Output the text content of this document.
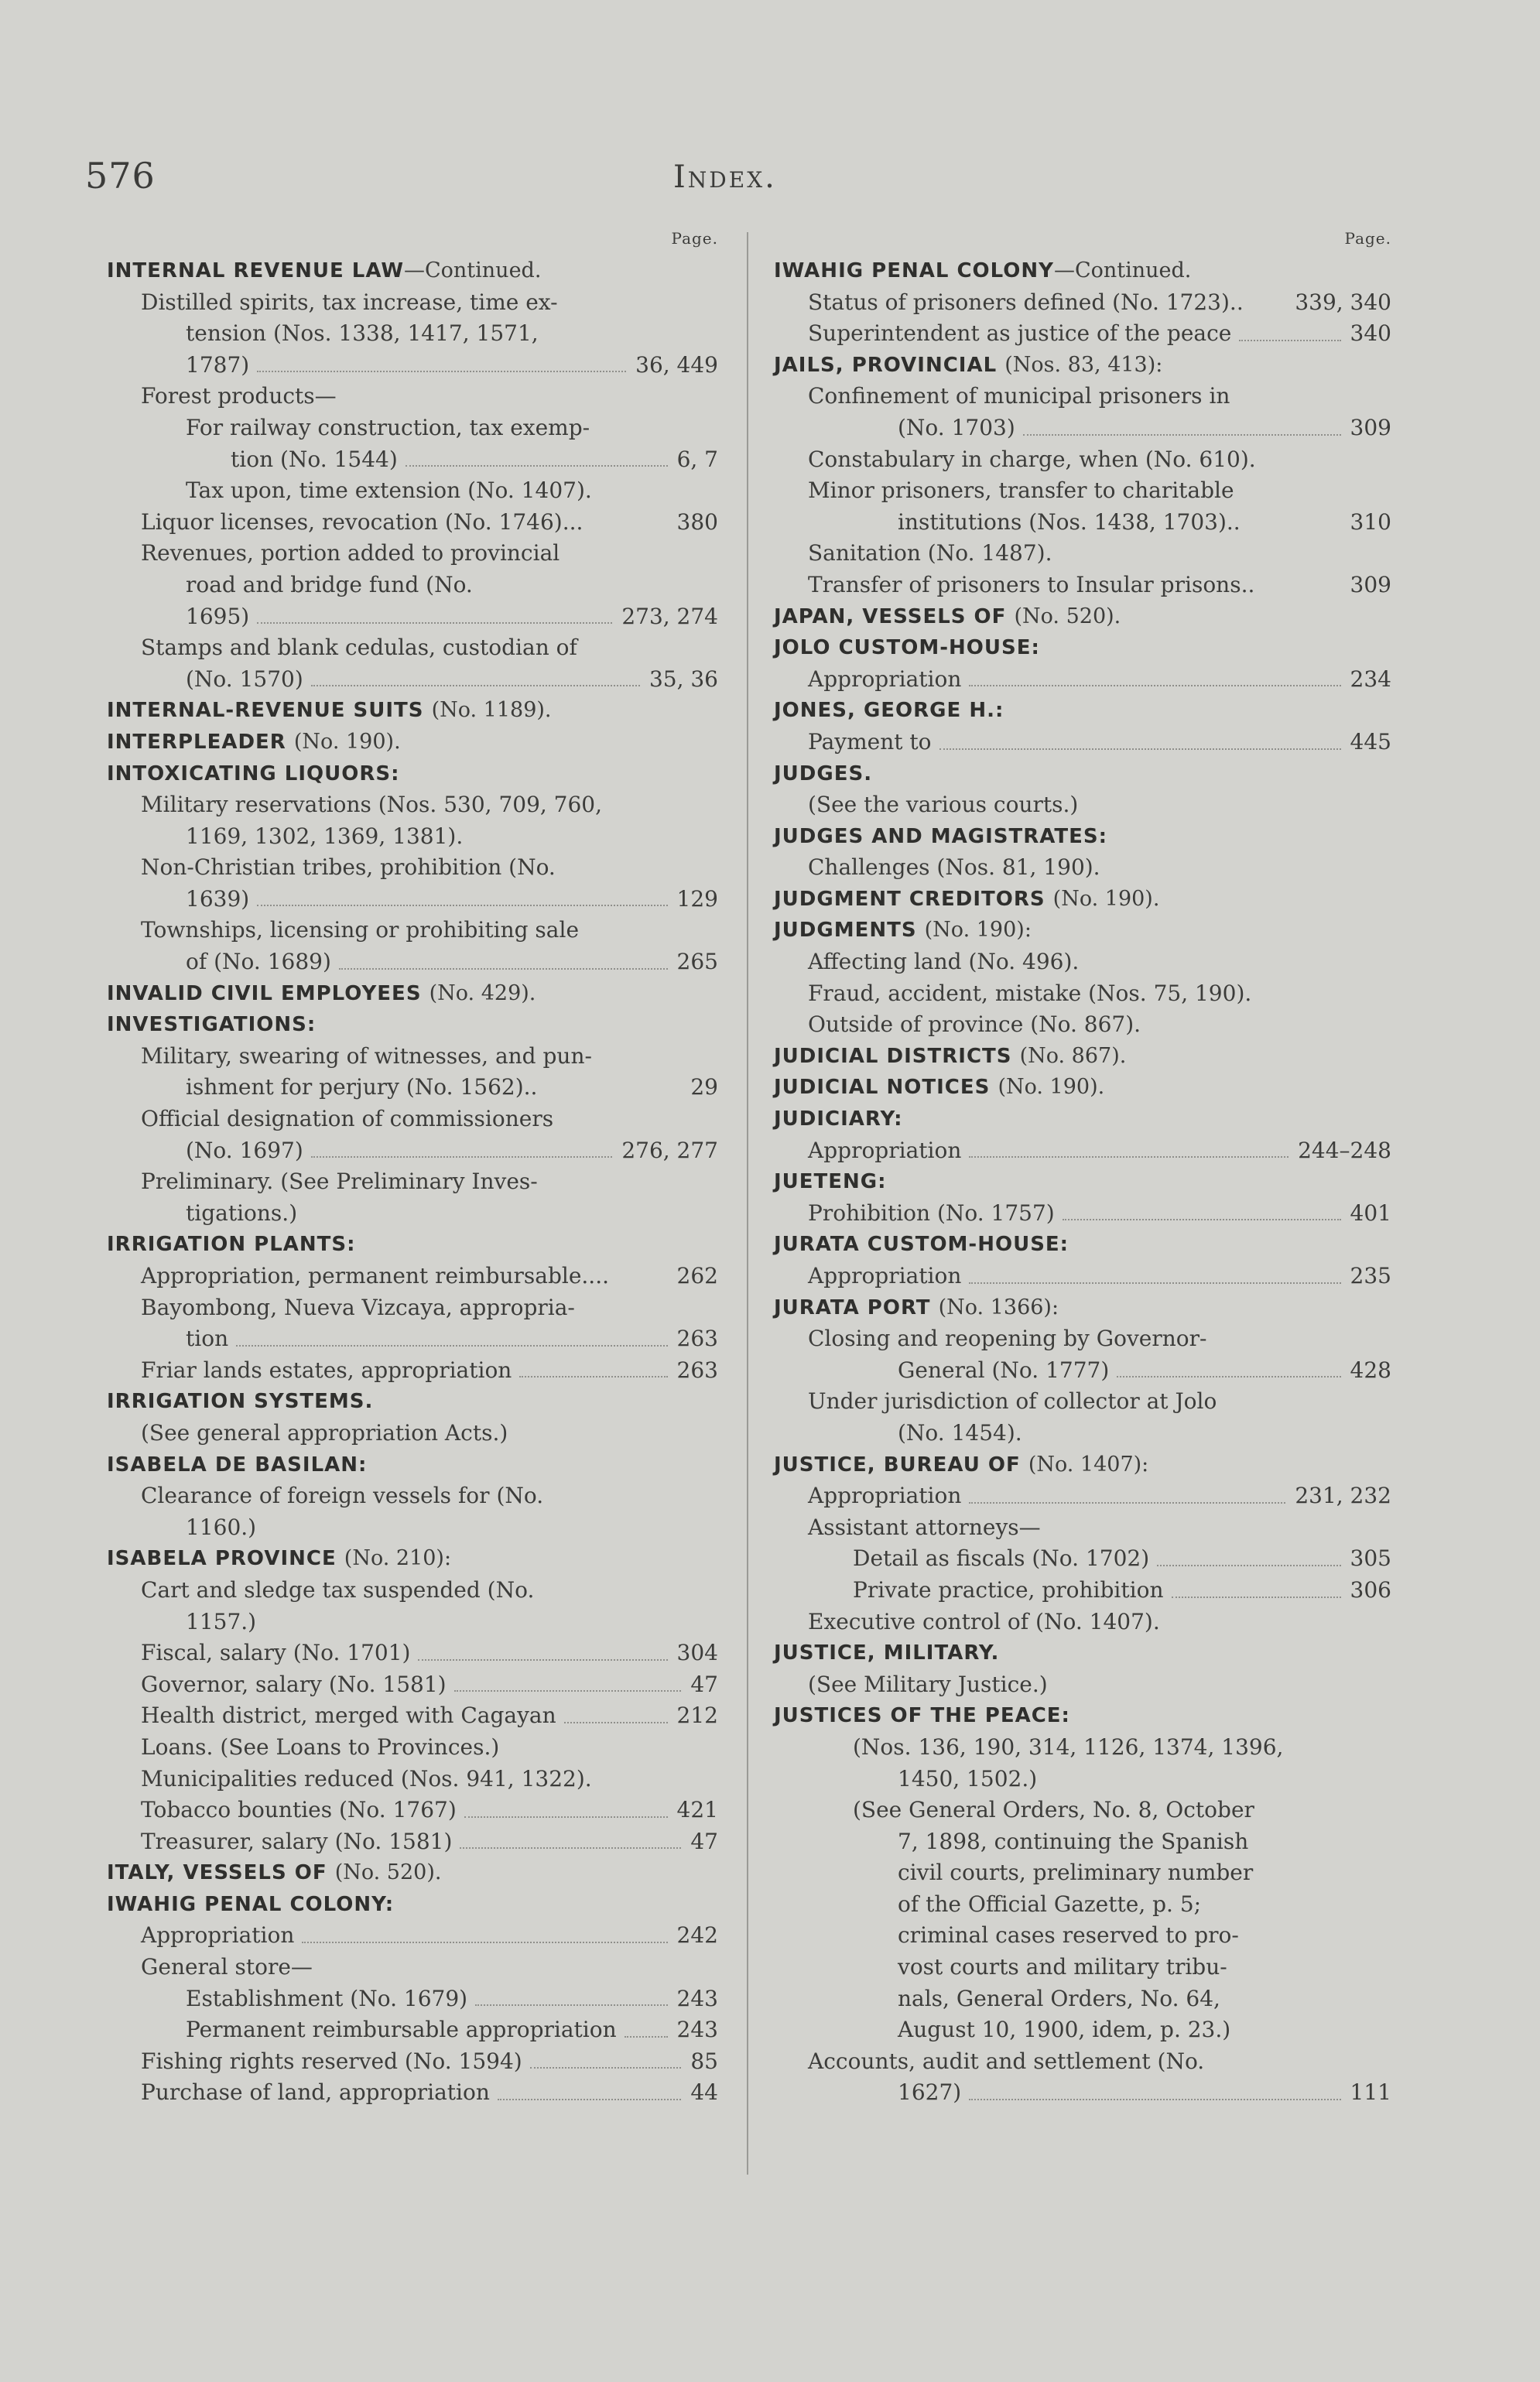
576	Index.
Page.
INTERNAL REVENUE LAW—Continued.
Distilled spirits, tax increase, time ex-
tension (Nos. 1338, 1417, 1571,
1787)	36, 449
Forest products—
For railway construction, tax exemp-
tion (No. 1544)	6, 7
Tax upon, time extension (No. 1407).
Liquor licenses, revocation (No. 1746)...	380
Revenues, portion added to provincial
road and bridge fund (No.
1695)	273, 274
Stamps and blank cedulas, custodian of
(No. 1570)	35, 36
INTERNAL-REVENUE SUITS (No. 1189).
INTERPLEADER (No. 190).
INTOXICATING LIQUORS:
Military reservations (Nos. 530, 709, 760,
1169, 1302, 1369, 1381).
Non-Christian tribes, prohibition (No.
1639)	129
Townships, licensing or prohibiting sale
of (No. 1689)	265
INVALID CIVIL EMPLOYEES (No. 429).
INVESTIGATIONS:
Military, swearing of witnesses, and pun-
ishment for perjury (No. 1562)..	29
Official designation of commissioners
(No. 1697)	276, 277
Preliminary. (See Preliminary Inves-
tigations.)
IRRIGATION PLANTS:
Appropriation, permanent reimbursable....	262
Bayombong, Nueva Vizcaya, appropria-
tion	263
Friar lands estates, appropriation	263
IRRIGATION SYSTEMS.
(See general appropriation Acts.)
ISABELA DE BASILAN:
Clearance of foreign vessels for (No.
1160.)
ISABELA PROVINCE (No. 210):
Cart and sledge tax suspended (No.
1157.)
Fiscal, salary (No. 1701)	304
Governor, salary (No. 1581)	47
Health district, merged with Cagayan	212
Loans. (See Loans to Provinces.)
Municipalities reduced (Nos. 941, 1322).
Tobacco bounties (No. 1767)	421
Treasurer, salary (No. 1581)	47
ITALY, VESSELS OF (No. 520).
IWAHIG PENAL COLONY:
Appropriation	242
General store—
Establishment (No. 1679)	243
Permanent reimbursable appropriation	243
Fishing rights reserved (No. 1594)	85
Purchase of land, appropriation	44
Page.
IWAHIG PENAL COLONY—Continued.
Status of prisoners defined (No. 1723).. 339, 340
Superintendent as justice of the peace	340
JAILS, PROVINCIAL (Nos. 83, 413):
Confinement of municipal prisoners in
(No. 1703)	309
Constabulary in charge, when (No. 610).
Minor prisoners, transfer to charitable
institutions (Nos. 1438, 1703)..	310
Sanitation (No. 1487).
Transfer of prisoners to Insular prisons..	309
JAPAN, VESSELS OF (No. 520).
JOLO CUSTOM-HOUSE:
Appropriation	234
JONES, GEORGE H.:
Payment to	445
JUDGES.
(See the various courts.)
JUDGES AND MAGISTRATES:
Challenges (Nos. 81, 190).
JUDGMENT CREDITORS (No. 190).
JUDGMENTS (No. 190):
Affecting land (No. 496).
Fraud, accident, mistake (Nos. 75, 190).
Outside of province (No. 867).
JUDICIAL DISTRICTS (No. 867).
JUDICIAL NOTICES (No. 190).
JUDICIARY:
Appropriation	244–248
JUETENG:
Prohibition (No. 1757)	401
JURATA CUSTOM-HOUSE:
Appropriation	235
JURATA PORT (No. 1366):
Closing and reopening by Governor-
General (No. 1777)	428
Under jurisdiction of collector at Jolo
(No. 1454).
JUSTICE, BUREAU OF (No. 1407):
Appropriation	231, 232
Assistant attorneys—
Detail as fiscals (No. 1702)	305
Private practice, prohibition	306
Executive control of (No. 1407).
JUSTICE, MILITARY.
(See Military Justice.)
JUSTICES OF THE PEACE:
(Nos. 136, 190, 314, 1126, 1374, 1396,
1450, 1502.)
(See General Orders, No. 8, October
7, 1898, continuing the Spanish
civil courts, preliminary number
of the Official Gazette, p. 5;
criminal cases reserved to pro-
vost courts and military tribu-
nals, General Orders, No. 64,
August 10, 1900, idem, p. 23.)
Accounts, audit and settlement (No.
1627)	111
